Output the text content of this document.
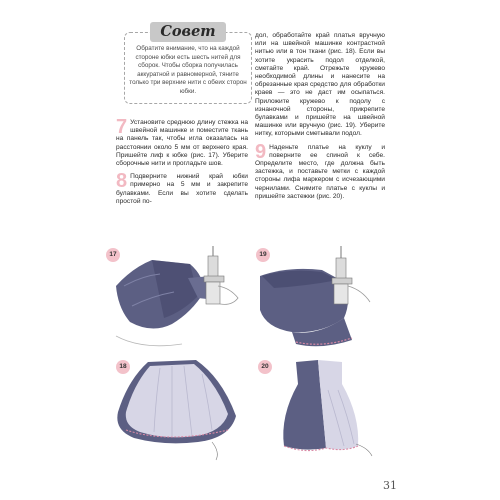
Обратите внимание, что на каждой стороне юбки есть шесть нитей для сборок. Чтобы сборка получилась аккуратной и равномерной, тяните только три верхние нити с обеих сторон юбки.
Совет

7 Установите среднюю длину стежка на швейной машинке и поместите ткань на панель так, чтобы игла оказалась на расстоянии около 5 мм от верхнего края. Пришейте лиф к юбке (рис. 17). Уберите сборочные нити и прогладьте шов.

8 Подверните нижний край юбки примерно на 5 мм и закрепите булавками. Если вы хотите сделать простой по-

дол, обработайте край платья вручную или на швейной машинке контрастной нитью или в тон ткани (рис. 18). Если вы хотите украсить подол отделкой, сметайте край. Отрежьте кружево необходимой длины и нанесите на обрезанные края средство для обработки краев — это не даст им осыпаться. Приложите кружево к подолу с изнаночной стороны, прикрепите булавками и пришейте на швейной машинке или вручную (рис. 19). Уберите нитку, которыми сметывали подол.

9 Наденьте платье на куклу и поверните ее спиной к себе. Определите место, где должна быть застежка, и поставьте метки с каждой стороны лифа маркером с исчезающими чернилами. Снимите платье с куклы и пришейте застежки (рис. 20).

17	19
18	20
31
